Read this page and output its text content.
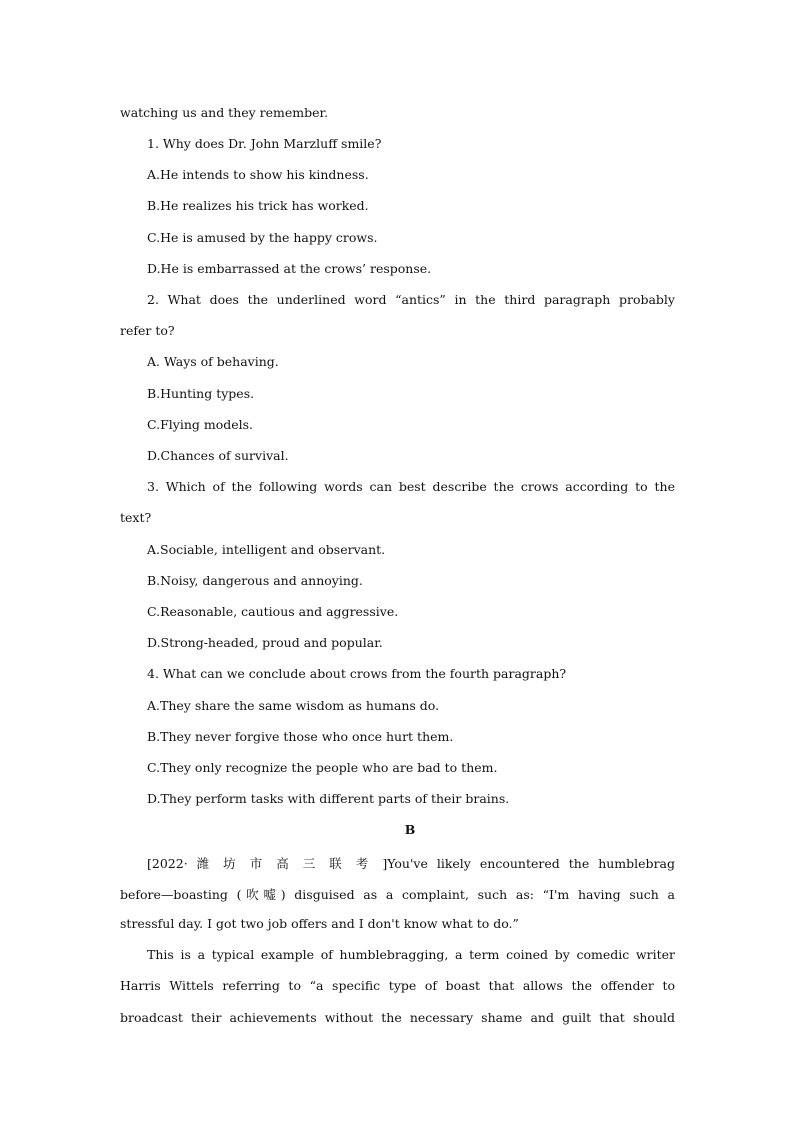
watching us and they remember.
1. Why does Dr. John Marzluff smile?
A.He intends to show his kindness.
B.He realizes his trick has worked.
C.He is amused by the happy crows.
D.He is embarrassed at the crows’ response.
2. What does the underlined word “antics” in the third paragraph probably
refer to?
A. Ways of behaving.
B.Hunting types.
C.Flying models.
D.Chances of survival.
3. Which of the following words can best describe the crows according to the
text?
A.Sociable, intelligent and observant.
B.Noisy, dangerous and annoying.
C.Reasonable, cautious and aggressive.
D.Strong-headed, proud and popular.
4. What can we conclude about crows from the fourth paragraph?
A.They share the same wisdom as humans do.
B.They never forgive those who once hurt them.
C.They only recognize the people who are bad to them.
D.They perform tasks with different parts of their brains.
B
[2022· 潍 坊 市 高 三 联 考 ]You've likely encountered the humblebrag
before—boasting (吹嘘) disguised as a complaint, such as: “I'm having such a
stressful day. I got two job offers and I don't know what to do.”
This is a typical example of humblebragging, a term coined by comedic writer
Harris Wittels referring to “a specific type of boast that allows the offender to
broadcast their achievements without the necessary shame and guilt that should
